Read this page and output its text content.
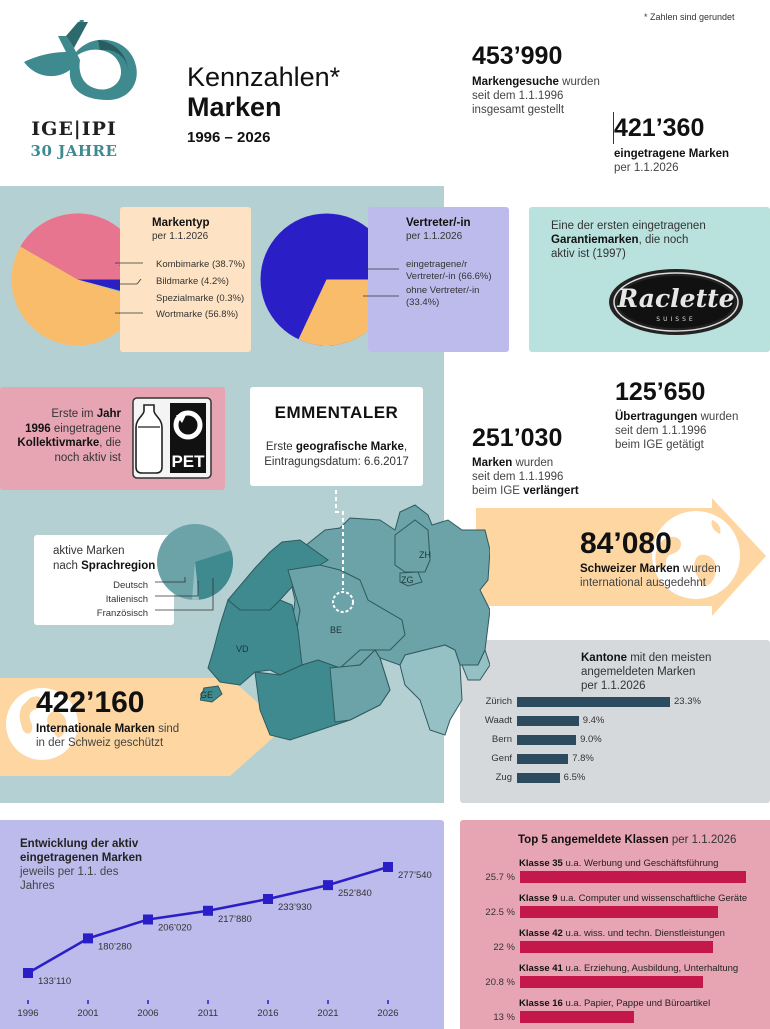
IGE|IPI
30 JAHRE
Kennzahlen*
Marken
1996 – 2026
* Zahlen sind gerundet
453’990
Markengesuche wurden
seit dem 1.1.1996
insgesamt gestellt
421’360
eingetragene Marken
per 1.1.2026
Markentyp
per 1.1.2026
Kombimarke (38.7%)
Bildmarke (4.2%)
Spezialmarke (0.3%)
Wortmarke (56.8%)
Vertreter/-in
per 1.1.2026
eingetragene/r
Vertreter/-in (66.6%)
ohne Vertreter/-in
(33.4%)
Eine der ersten eingetragenen
Garantiemarken, die noch
aktiv ist (1997)
Raclette
SUISSE
Erste im Jahr
1996 eingetragene
Kollektivmarke, die
noch aktiv ist	PET
EMMENTALER
Erste geografische Marke,
Eintragungsdatum: 6.6.2017
ZH
ZG
BE
VD
GE
aktive Marken
nach Sprachregion
Deutsch
Italienisch
Französisch
422’160
Internationale Marken sind
in der Schweiz geschützt
84’080
Schweizer Marken wurden
international ausgedehnt
125’650
Übertragungen wurden
seit dem 1.1.1996
beim IGE getätigt
251’030
Marken wurden
seit dem 1.1.1996
beim IGE verlängert
Kantone mit den meisten
angemeldeten Marken
per 1.1.2026
Zürich	23.3%
Waadt	9.4%
Bern	9.0%
Genf	7.8%
Zug	6.5%
Entwicklung der aktiv
eingetragenen Marken
jeweils per 1.1. des
Jahres
133’110
1996
180’280
2001
206’020
2006
217’880
2011
233’930
2016
252’840
2021
277’540
2026
Top 5 angemeldete Klassen per 1.1.2026
Klasse 35 u.a. Werbung und Geschäftsführung
25.7 %
Klasse 9 u.a. Computer und wissenschaftliche Geräte
22.5 %
Klasse 42 u.a. wiss. und techn. Dienstleistungen
22 %
Klasse 41 u.a. Erziehung, Ausbildung, Unterhaltung
20.8 %
Klasse 16 u.a. Papier, Pappe und Büroartikel
13 %
